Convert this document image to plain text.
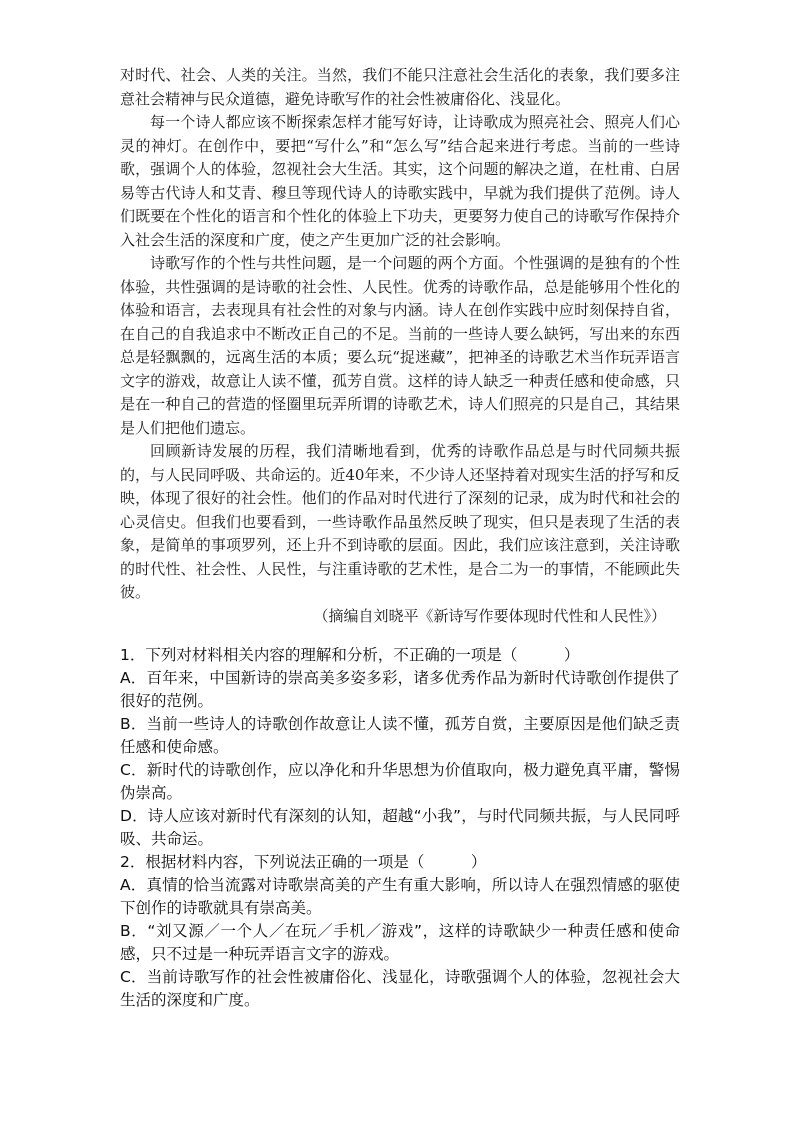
对时代、社会、人类的关注。当然，我们不能只注意社会生活化的表象，我们要多注意社会精神与民众道德，避免诗歌写作的社会性被庸俗化、浅显化。

每一个诗人都应该不断探索怎样才能写好诗，让诗歌成为照亮社会、照亮人们心灵的神灯。在创作中，要把“写什么”和“怎么写”结合起来进行考虑。当前的一些诗歌，强调个人的体验，忽视社会大生活。其实，这个问题的解决之道，在杜甫、白居易等古代诗人和艾青、穆旦等现代诗人的诗歌实践中，早就为我们提供了范例。诗人们既要在个性化的语言和个性化的体验上下功夫，更要努力使自己的诗歌写作保持介入社会生活的深度和广度，使之产生更加广泛的社会影响。

诗歌写作的个性与共性问题，是一个问题的两个方面。个性强调的是独有的个性体验，共性强调的是诗歌的社会性、人民性。优秀的诗歌作品，总是能够用个性化的体验和语言，去表现具有社会性的对象与内涵。诗人在创作实践中应时刻保持自省，在自己的自我追求中不断改正自己的不足。当前的一些诗人要么缺钙，写出来的东西总是轻飘飘的，远离生活的本质；要么玩“捉迷藏”，把神圣的诗歌艺术当作玩弄语言文字的游戏，故意让人读不懂，孤芳自赏。这样的诗人缺乏一种责任感和使命感，只是在一种自己的营造的怪圈里玩弄所谓的诗歌艺术，诗人们照亮的只是自己，其结果是人们把他们遗忘。

回顾新诗发展的历程，我们清晰地看到，优秀的诗歌作品总是与时代同频共振的，与人民同呼吸、共命运的。近40年来，不少诗人还坚持着对现实生活的抒写和反映，体现了很好的社会性。他们的作品对时代进行了深刻的记录，成为时代和社会的心灵信史。但我们也要看到，一些诗歌作品虽然反映了现实，但只是表现了生活的表象，是简单的事项罗列，还上升不到诗歌的层面。因此，我们应该注意到，关注诗歌的时代性、社会性、人民性，与注重诗歌的艺术性，是合二为一的事情，不能顾此失彼。

（摘编自刘晓平《新诗写作要体现时代性和人民性》）

1．下列对材料相关内容的理解和分析，不正确的一项是（　　　）

A．百年来，中国新诗的崇高美多姿多彩，诸多优秀作品为新时代诗歌创作提供了很好的范例。

B．当前一些诗人的诗歌创作故意让人读不懂，孤芳自赏，主要原因是他们缺乏责任感和使命感。

C．新时代的诗歌创作，应以净化和升华思想为价值取向，极力避免真平庸，警惕伪崇高。

D．诗人应该对新时代有深刻的认知，超越“小我”，与时代同频共振，与人民同呼吸、共命运。

2．根据材料内容，下列说法正确的一项是（　　　）

A．真情的恰当流露对诗歌崇高美的产生有重大影响，所以诗人在强烈情感的驱使下创作的诗歌就具有崇高美。

B．“刘又源／一个人／在玩／手机／游戏”，这样的诗歌缺少一种责任感和使命感，只不过是一种玩弄语言文字的游戏。

C．当前诗歌写作的社会性被庸俗化、浅显化，诗歌强调个人的体验，忽视社会大生活的深度和广度。
